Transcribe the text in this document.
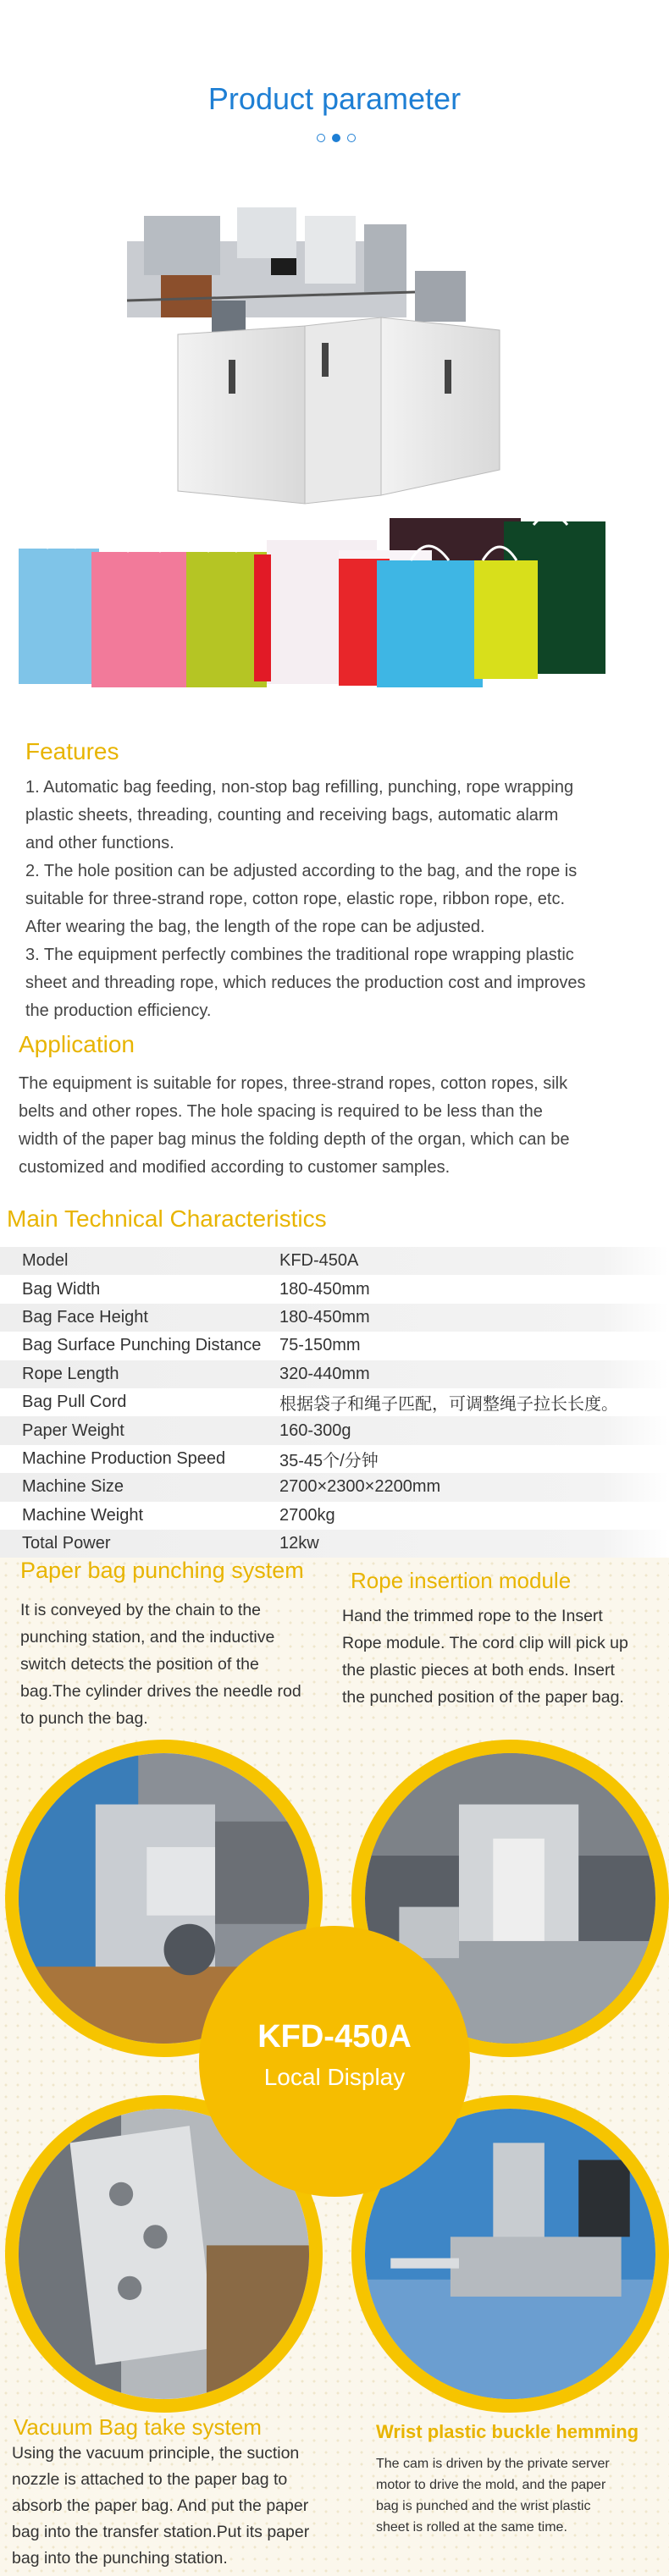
Product parameter
Features
1. Automatic bag feeding, non-stop bag refilling, punching, rope wrapping
plastic sheets, threading, counting and receiving bags, automatic alarm
and other functions.
2. The hole position can be adjusted according to the bag, and the rope is
suitable for three-strand rope, cotton rope, elastic rope, ribbon rope, etc.
After wearing the bag, the length of the rope can be adjusted.
3. The equipment perfectly combines the traditional rope wrapping plastic
sheet and threading rope, which reduces the production cost and improves
the production efficiency.
Application
The equipment is suitable for ropes, three-strand ropes, cotton ropes, silk
belts and other ropes. The hole spacing is required to be less than the
width of the paper bag minus the folding depth of the organ, which can be
customized and modified according to customer samples.
Main Technical Characteristics
Model	KFD-450A
Bag Width	180-450mm
Bag Face Height	180-450mm
Bag Surface Punching Distance	75-150mm
Rope Length	320-440mm
Bag Pull Cord	根据袋子和绳子匹配，可调整绳子拉长长度。
Paper Weight	160-300g
Machine Production Speed	35-45个/分钟
Machine Size	2700×2300×2200mm
Machine Weight	2700kg
Total Power	12kw
Paper bag punching system
It is conveyed by the chain to the
punching station, and the inductive
switch detects the position of the
bag.The cylinder drives the needle rod
to punch the bag.
Rope insertion module
Hand the trimmed rope to the Insert
Rope module. The cord clip will pick up
the plastic pieces at both ends. Insert
the punched position of the paper bag.
KFD-450A
Local Display
Vacuum Bag take system
Using the vacuum principle, the suction
nozzle is attached to the paper bag to
absorb the paper bag. And put the paper
bag into the transfer station.Put its paper
bag into the punching station.
Wrist plastic buckle hemming
The cam is driven by the private server
motor to drive the mold, and the paper
bag is punched and the wrist plastic
sheet is rolled at the same time.
